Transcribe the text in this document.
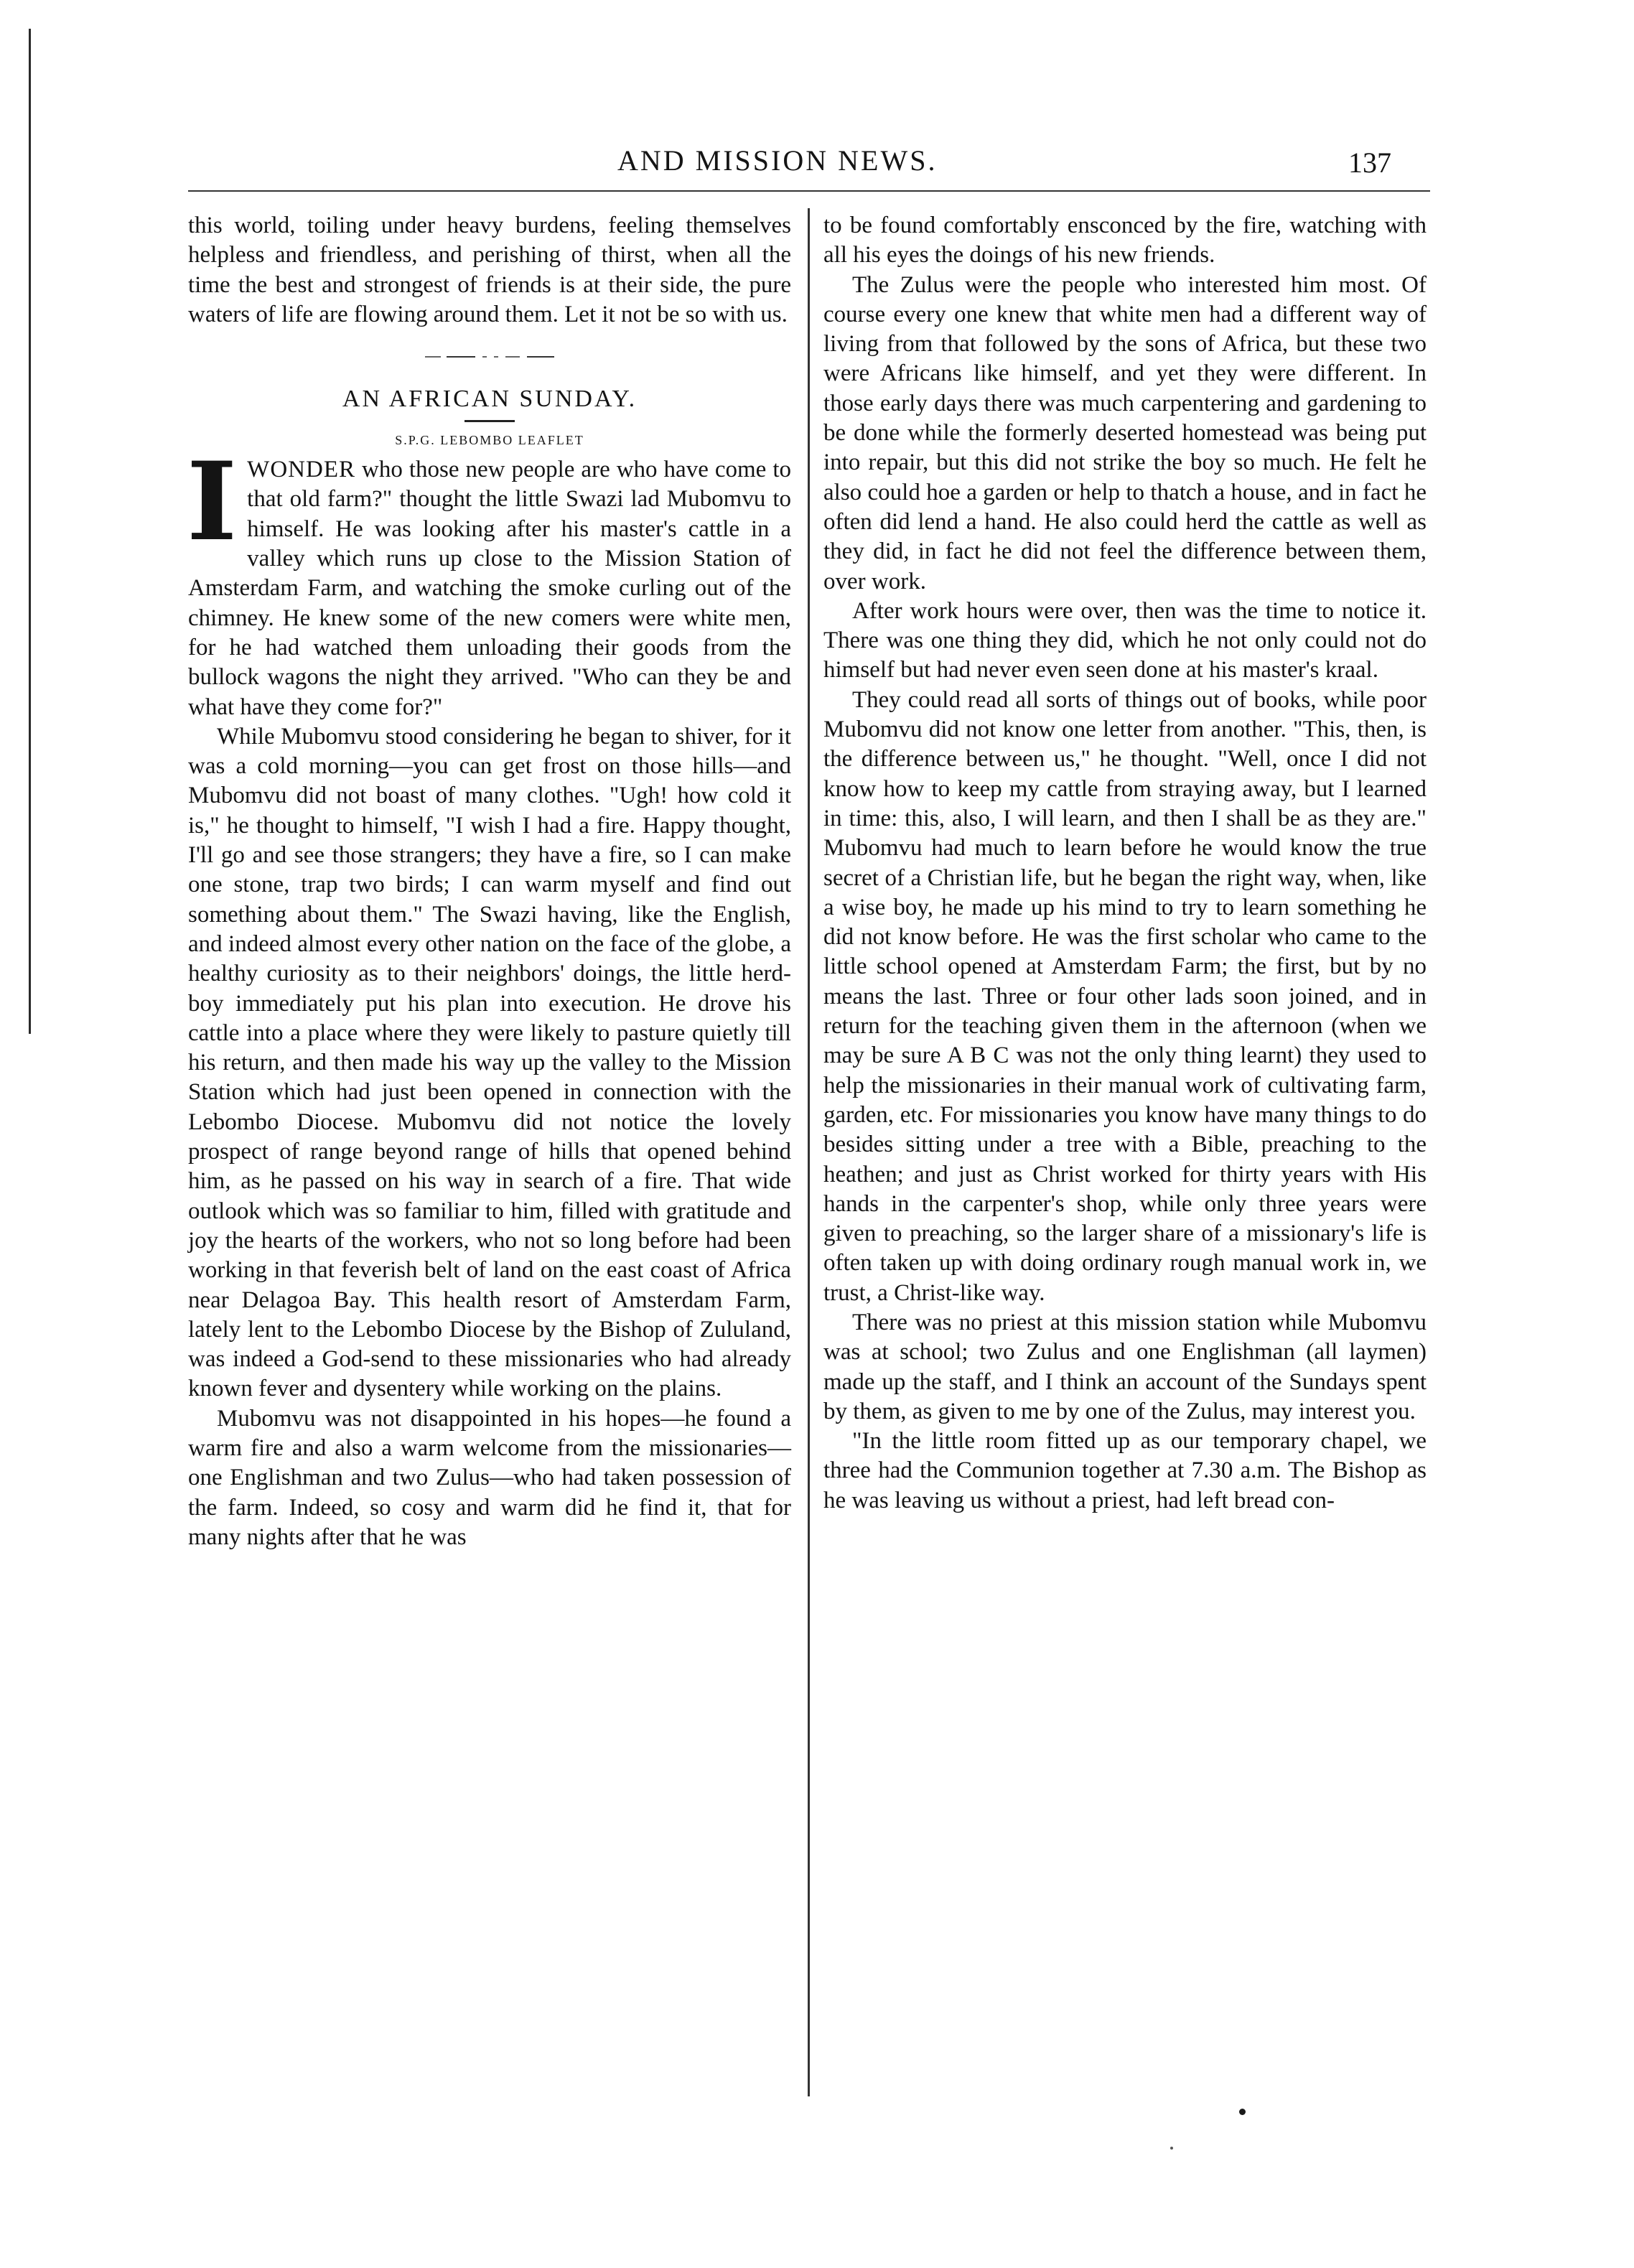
AND MISSION NEWS.	137

this world, toiling under heavy burdens, feeling themselves helpless and friendless, and perishing of thirst, when all the time the best and strongest of friends is at their side, the pure waters of life are flowing around them. Let it not be so with us.

AN AFRICAN SUNDAY.
S.P.G. LEBOMBO LEAFLET

IWONDER who those new people are who have come to that old farm?" thought the little Swazi lad Mubomvu to himself. He was looking after his master's cattle in a valley which runs up close to the Mission Station of Amsterdam Farm, and watching the smoke curling out of the chimney. He knew some of the new comers were white men, for he had watched them unloading their goods from the bullock wagons the night they arrived. "Who can they be and what have they come for?"

While Mubomvu stood considering he began to shiver, for it was a cold morning—you can get frost on those hills—and Mubomvu did not boast of many clothes. "Ugh! how cold it is," he thought to himself, "I wish I had a fire. Happy thought, I'll go and see those strangers; they have a fire, so I can make one stone, trap two birds; I can warm myself and find out something about them." The Swazi having, like the English, and indeed almost every other nation on the face of the globe, a healthy curiosity as to their neighbors' doings, the little herd-boy immediately put his plan into execution. He drove his cattle into a place where they were likely to pasture quietly till his return, and then made his way up the valley to the Mission Station which had just been opened in connection with the Lebombo Diocese. Mubomvu did not notice the lovely prospect of range beyond range of hills that opened behind him, as he passed on his way in search of a fire. That wide outlook which was so familiar to him, filled with gratitude and joy the hearts of the workers, who not so long before had been working in that feverish belt of land on the east coast of Africa near Delagoa Bay. This health resort of Amsterdam Farm, lately lent to the Lebombo Diocese by the Bishop of Zululand, was indeed a God-send to these missionaries who had already known fever and dysentery while working on the plains.

Mubomvu was not disappointed in his hopes—he found a warm fire and also a warm welcome from the missionaries—one Englishman and two Zulus—who had taken possession of the farm. Indeed, so cosy and warm did he find it, that for many nights after that he was

to be found comfortably ensconced by the fire, watching with all his eyes the doings of his new friends.

The Zulus were the people who interested him most. Of course every one knew that white men had a different way of living from that followed by the sons of Africa, but these two were Africans like himself, and yet they were different. In those early days there was much carpentering and gardening to be done while the formerly deserted homestead was being put into repair, but this did not strike the boy so much. He felt he also could hoe a garden or help to thatch a house, and in fact he often did lend a hand. He also could herd the cattle as well as they did, in fact he did not feel the difference between them, over work.

After work hours were over, then was the time to notice it. There was one thing they did, which he not only could not do himself but had never even seen done at his master's kraal.

They could read all sorts of things out of books, while poor Mubomvu did not know one letter from another. "This, then, is the difference between us," he thought. "Well, once I did not know how to keep my cattle from straying away, but I learned in time: this, also, I will learn, and then I shall be as they are." Mubomvu had much to learn before he would know the true secret of a Christian life, but he began the right way, when, like a wise boy, he made up his mind to try to learn something he did not know before. He was the first scholar who came to the little school opened at Amsterdam Farm; the first, but by no means the last. Three or four other lads soon joined, and in return for the teaching given them in the afternoon (when we may be sure A B C was not the only thing learnt) they used to help the missionaries in their manual work of cultivating farm, garden, etc. For missionaries you know have many things to do besides sitting under a tree with a Bible, preaching to the heathen; and just as Christ worked for thirty years with His hands in the carpenter's shop, while only three years were given to preaching, so the larger share of a missionary's life is often taken up with doing ordinary rough manual work in, we trust, a Christ-like way.

There was no priest at this mission station while Mubomvu was at school; two Zulus and one Englishman (all laymen) made up the staff, and I think an account of the Sundays spent by them, as given to me by one of the Zulus, may interest you.

"In the little room fitted up as our temporary chapel, we three had the Communion together at 7.30 a.m. The Bishop as he was leaving us without a priest, had left bread con-
